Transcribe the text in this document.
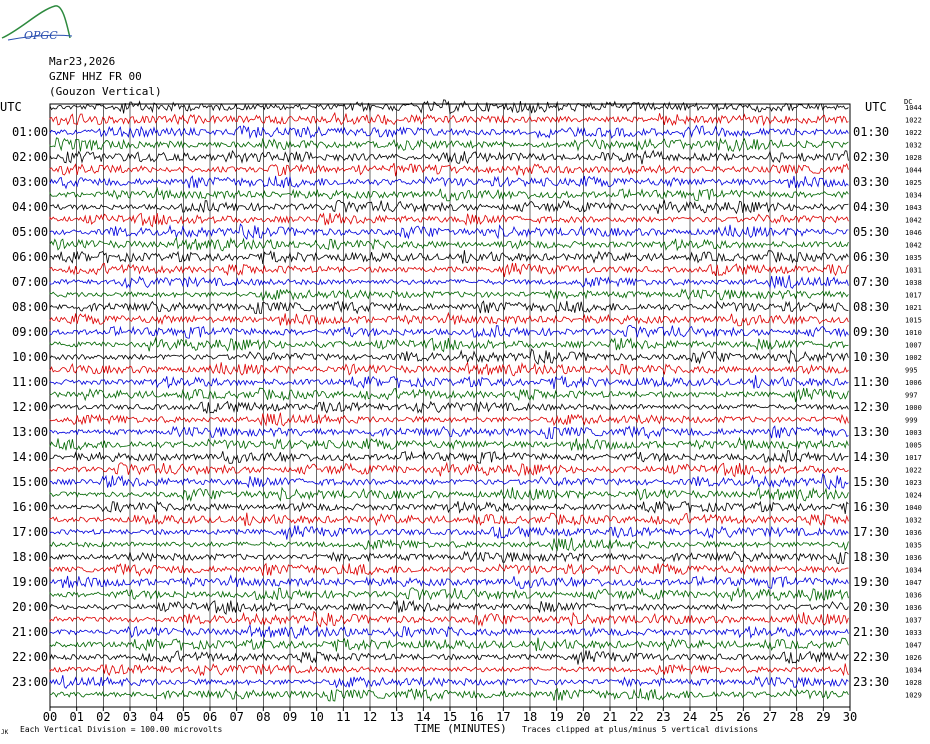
OPGC
Mar23,2026
GZNF HHZ FR 00
(Gouzon Vertical)
UTC	UTC
01:00
02:00
03:00
04:00
05:00
06:00
07:00
08:00
09:00
10:00
11:00
12:00
13:00
14:00
15:00
16:00
17:00
18:00
19:00
20:00
21:00
22:00
23:00
01:30
02:30
03:30
04:30
05:30
06:30
07:30
08:30
09:30
10:30
11:30
12:30
13:30
14:30
15:30
16:30
17:30
18:30
19:30
20:30
21:30
22:30
23:30
DC
1044
1022
1022
1032
1028
1044
1025
1034
1043
1042
1046
1042
1035
1031
1038
1017
1021
1015
1010
1007
1002
995
1006
997
1000
999
1003
1005
1017
1022
1023
1024
1040
1032
1036
1035
1036
1034
1047
1036
1036
1037
1033
1047
1026
1034
1028
1029
00 01 02 03 04 05 06 07 08 09 10 11 12 13 14 15 16 17 18 19 20 21 22 23 24 25 26 27 28 29 30
JK Each Vertical Division = 100.00 microvolts	TIME (MINUTES) Traces clipped at plus/minus 5 vertical divisions
